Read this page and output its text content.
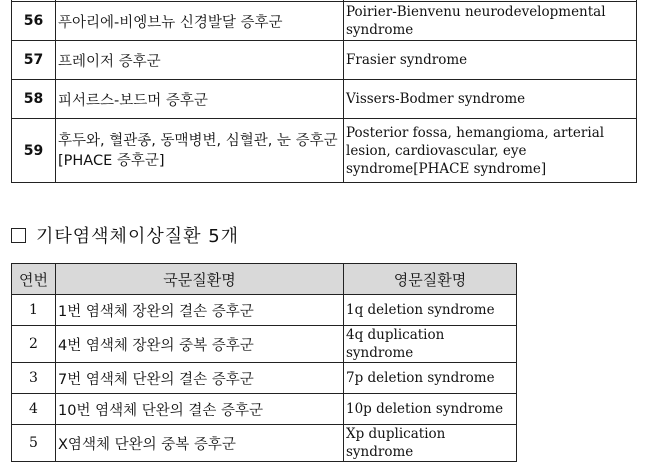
56	푸아리에-비엥브뉴 신경발달 증후군	Poirier-Bienvenu neurodevelopmental syndrome
57	프레이저 증후군	Frasier syndrome
58	피서르스-보드머 증후군	Vissers-Bodmer syndrome
59	후두와, 혈관종, 동맥병변, 심혈관, 눈 증후군[PHACE 증후군]	Posterior fossa, hemangioma, arterial lesion, cardiovascular, eye syndrome[PHACE syndrome]
기타염색체이상질환 5개
연번	국문질환명	영문질환명
1	1번 염색체 장완의 결손 증후군	1q deletion syndrome
2	4번 염색체 장완의 중복 증후군	4q duplication syndrome
3	7번 염색체 단완의 결손 증후군	7p deletion syndrome
4	10번 염색체 단완의 결손 증후군	10p deletion syndrome
5	X염색체 단완의 중복 증후군	Xp duplication syndrome
